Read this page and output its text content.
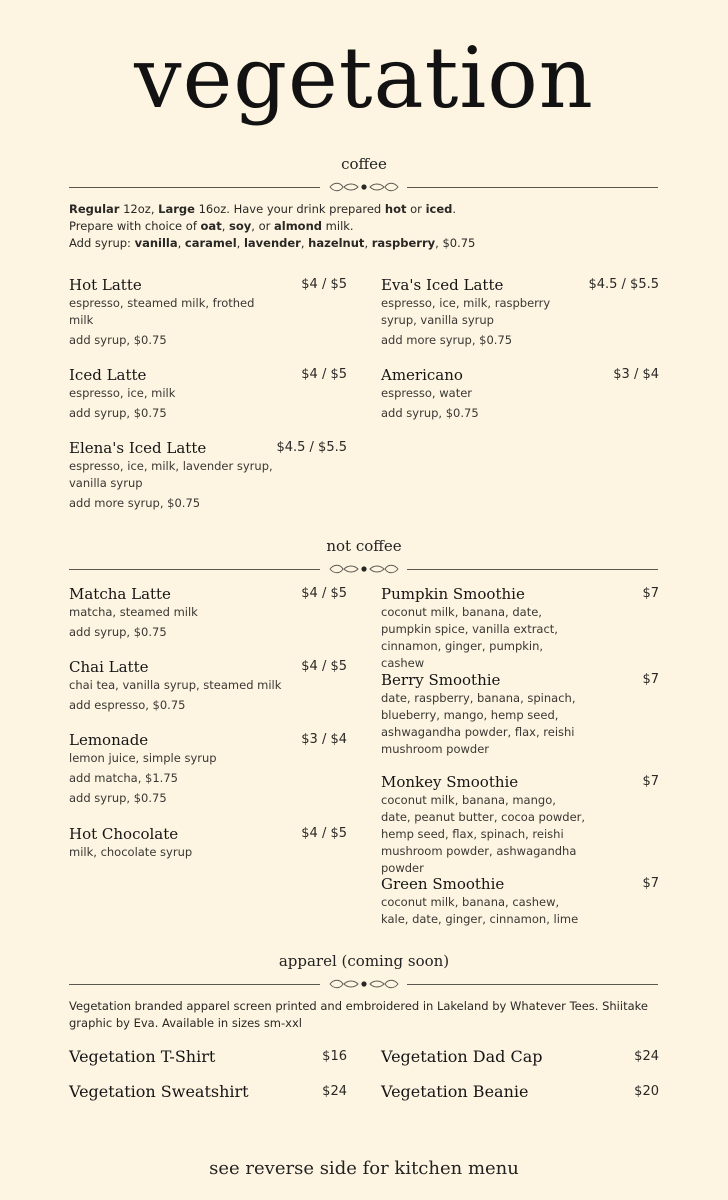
vegetation
coffee
Regular 12oz, Large 16oz. Have your drink prepared hot or iced.
Prepare with choice of oat, soy, or almond milk.
Add syrup: vanilla, caramel, lavender, hazelnut, raspberry, $0.75
Hot Latte	$4 / $5
espresso, steamed milk, frothed milk
add syrup, $0.75
Eva's Iced Latte	$4.5 / $5.5
espresso, ice, milk, raspberry syrup, vanilla syrup
add more syrup, $0.75
Iced Latte	$4 / $5
espresso, ice, milk
add syrup, $0.75
Americano	$3 / $4
espresso, water
add syrup, $0.75
Elena's Iced Latte	$4.5 / $5.5
espresso, ice, milk, lavender syrup, vanilla syrup
add more syrup, $0.75
not coffee
Matcha Latte	$4 / $5
matcha, steamed milk
add syrup, $0.75
Pumpkin Smoothie	$7
coconut milk, banana, date, pumpkin spice, vanilla extract, cinnamon, ginger, pumpkin, cashew
Chai Latte	$4 / $5
chai tea, vanilla syrup, steamed milk
add espresso, $0.75
Berry Smoothie	$7
date, raspberry, banana, spinach, blueberry, mango, hemp seed, ashwagandha powder, flax, reishi mushroom powder
Lemonade	$3 / $4
lemon juice, simple syrup
add matcha, $1.75
add syrup, $0.75
Monkey Smoothie	$7
coconut milk, banana, mango, date, peanut butter, cocoa powder, hemp seed, flax, spinach, reishi mushroom powder, ashwagandha powder
Hot Chocolate	$4 / $5
milk, chocolate syrup
Green Smoothie	$7
coconut milk, banana, cashew, kale, date, ginger, cinnamon, lime
apparel (coming soon)
Vegetation branded apparel screen printed and embroidered in Lakeland by Whatever Tees. Shiitake graphic by Eva. Available in sizes sm-xxl
Vegetation T-Shirt	$16 Vegetation Dad Cap	$24
Vegetation Sweatshirt	$24 Vegetation Beanie	$20
see reverse side for kitchen menu
